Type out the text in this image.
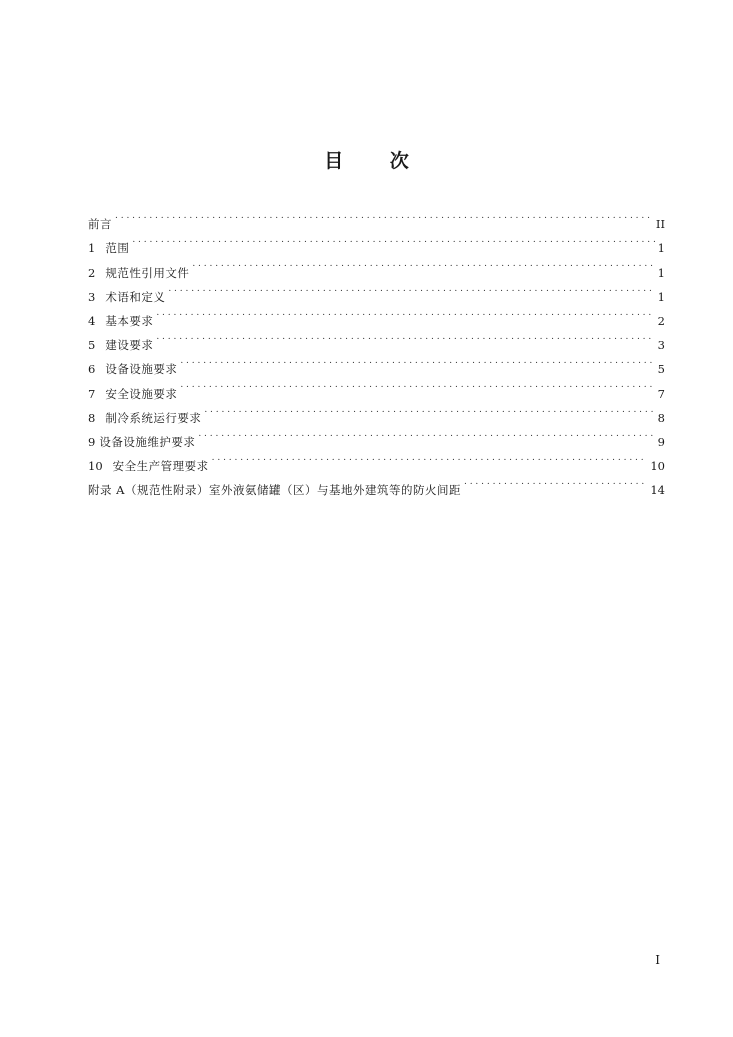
目 次
前言 . . .	II
1 范围 . . .	1
2 规范性引用文件 . . .	1
3 术语和定义 . . .	1
4 基本要求 . . .	2
5 建设要求 . . .	3
6 设备设施要求 . . .	5
7 安全设施要求 . . .	7
8 制冷系统运行要求 . . .	8
9 设备设施维护要求 . . .	9
10 安全生产管理要求 . . .	10
附录 A（规范性附录）室外液氨储罐（区）与基地外建筑等的防火间距 . . .	14
I
